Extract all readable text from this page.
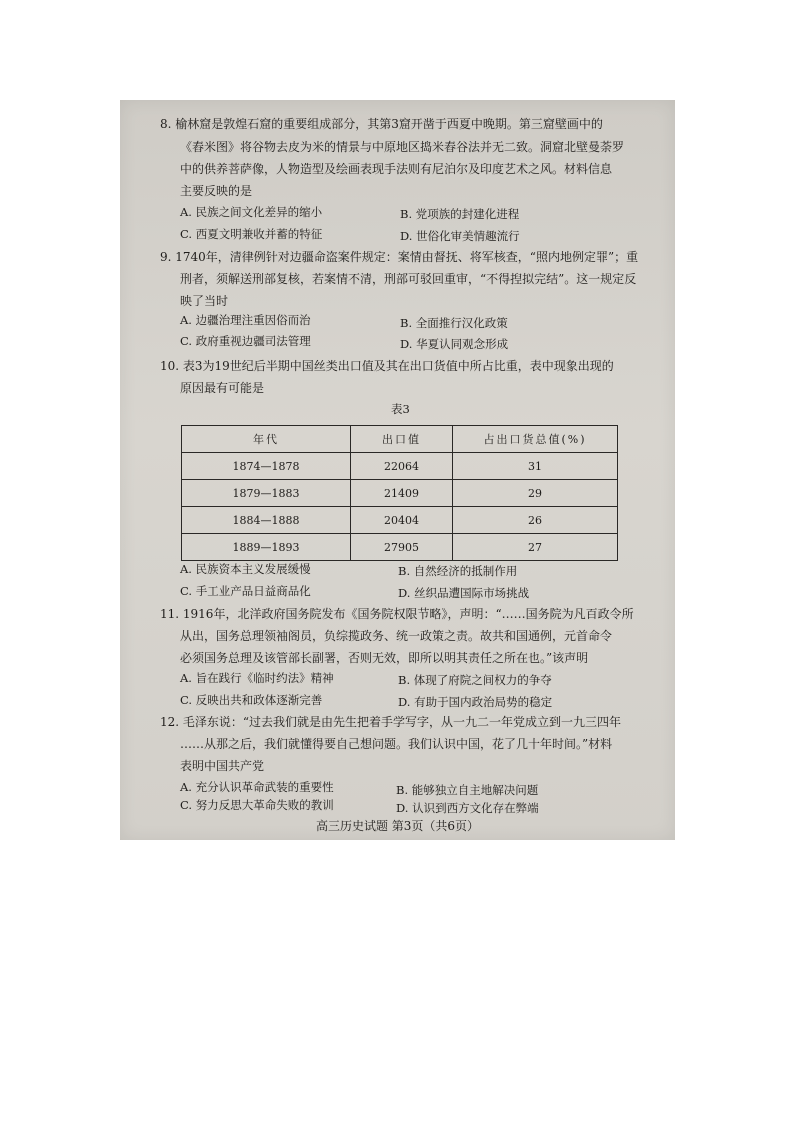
8. 榆林窟是敦煌石窟的重要组成部分，其第3窟开凿于西夏中晚期。第三窟壁画中的
《舂米图》将谷物去皮为米的情景与中原地区捣米舂谷法并无二致。洞窟北壁曼荼罗
中的供养菩萨像，人物造型及绘画表现手法则有尼泊尔及印度艺术之风。材料信息
主要反映的是
A. 民族之间文化差异的缩小	B. 党项族的封建化进程
C. 西夏文明兼收并蓄的特征	D. 世俗化审美情趣流行
9. 1740年，清律例针对边疆命盗案件规定：案情由督抚、将军核查，“照内地例定罪”；重
刑者，须解送刑部复核，若案情不清，刑部可驳回重审，“不得揑拟完结”。这一规定反
映了当时
A. 边疆治理注重因俗而治	B. 全面推行汉化政策
C. 政府重视边疆司法管理	D. 华夏认同观念形成
10. 表3为19世纪后半期中国丝类出口值及其在出口货值中所占比重，表中现象出现的
原因最有可能是
表3
年代	出口值	占出口货总值(%)
1874—1878	22064	31
1879—1883	21409	29
1884—1888	20404	26
1889—1893	27905	27
A. 民族资本主义发展缓慢	B. 自然经济的抵制作用
C. 手工业产品日益商品化	D. 丝织品遭国际市场挑战
11. 1916年，北洋政府国务院发布《国务院权限节略》，声明：“……国务院为凡百政令所
从出，国务总理领袖阁员，负综揽政务、统一政策之责。故共和国通例，元首命令
必须国务总理及该管部长副署，否则无效，即所以明其责任之所在也。”该声明
A. 旨在践行《临时约法》精神	B. 体现了府院之间权力的争夺
C. 反映出共和政体逐渐完善	D. 有助于国内政治局势的稳定
12. 毛泽东说：“过去我们就是由先生把着手学写字，从一九二一年党成立到一九三四年
……从那之后，我们就懂得要自己想问题。我们认识中国，花了几十年时间。”材料
表明中国共产党
A. 充分认识革命武装的重要性	B. 能够独立自主地解决问题
C. 努力反思大革命失败的教训	D. 认识到西方文化存在弊端
高三历史试题 第3页（共6页）
